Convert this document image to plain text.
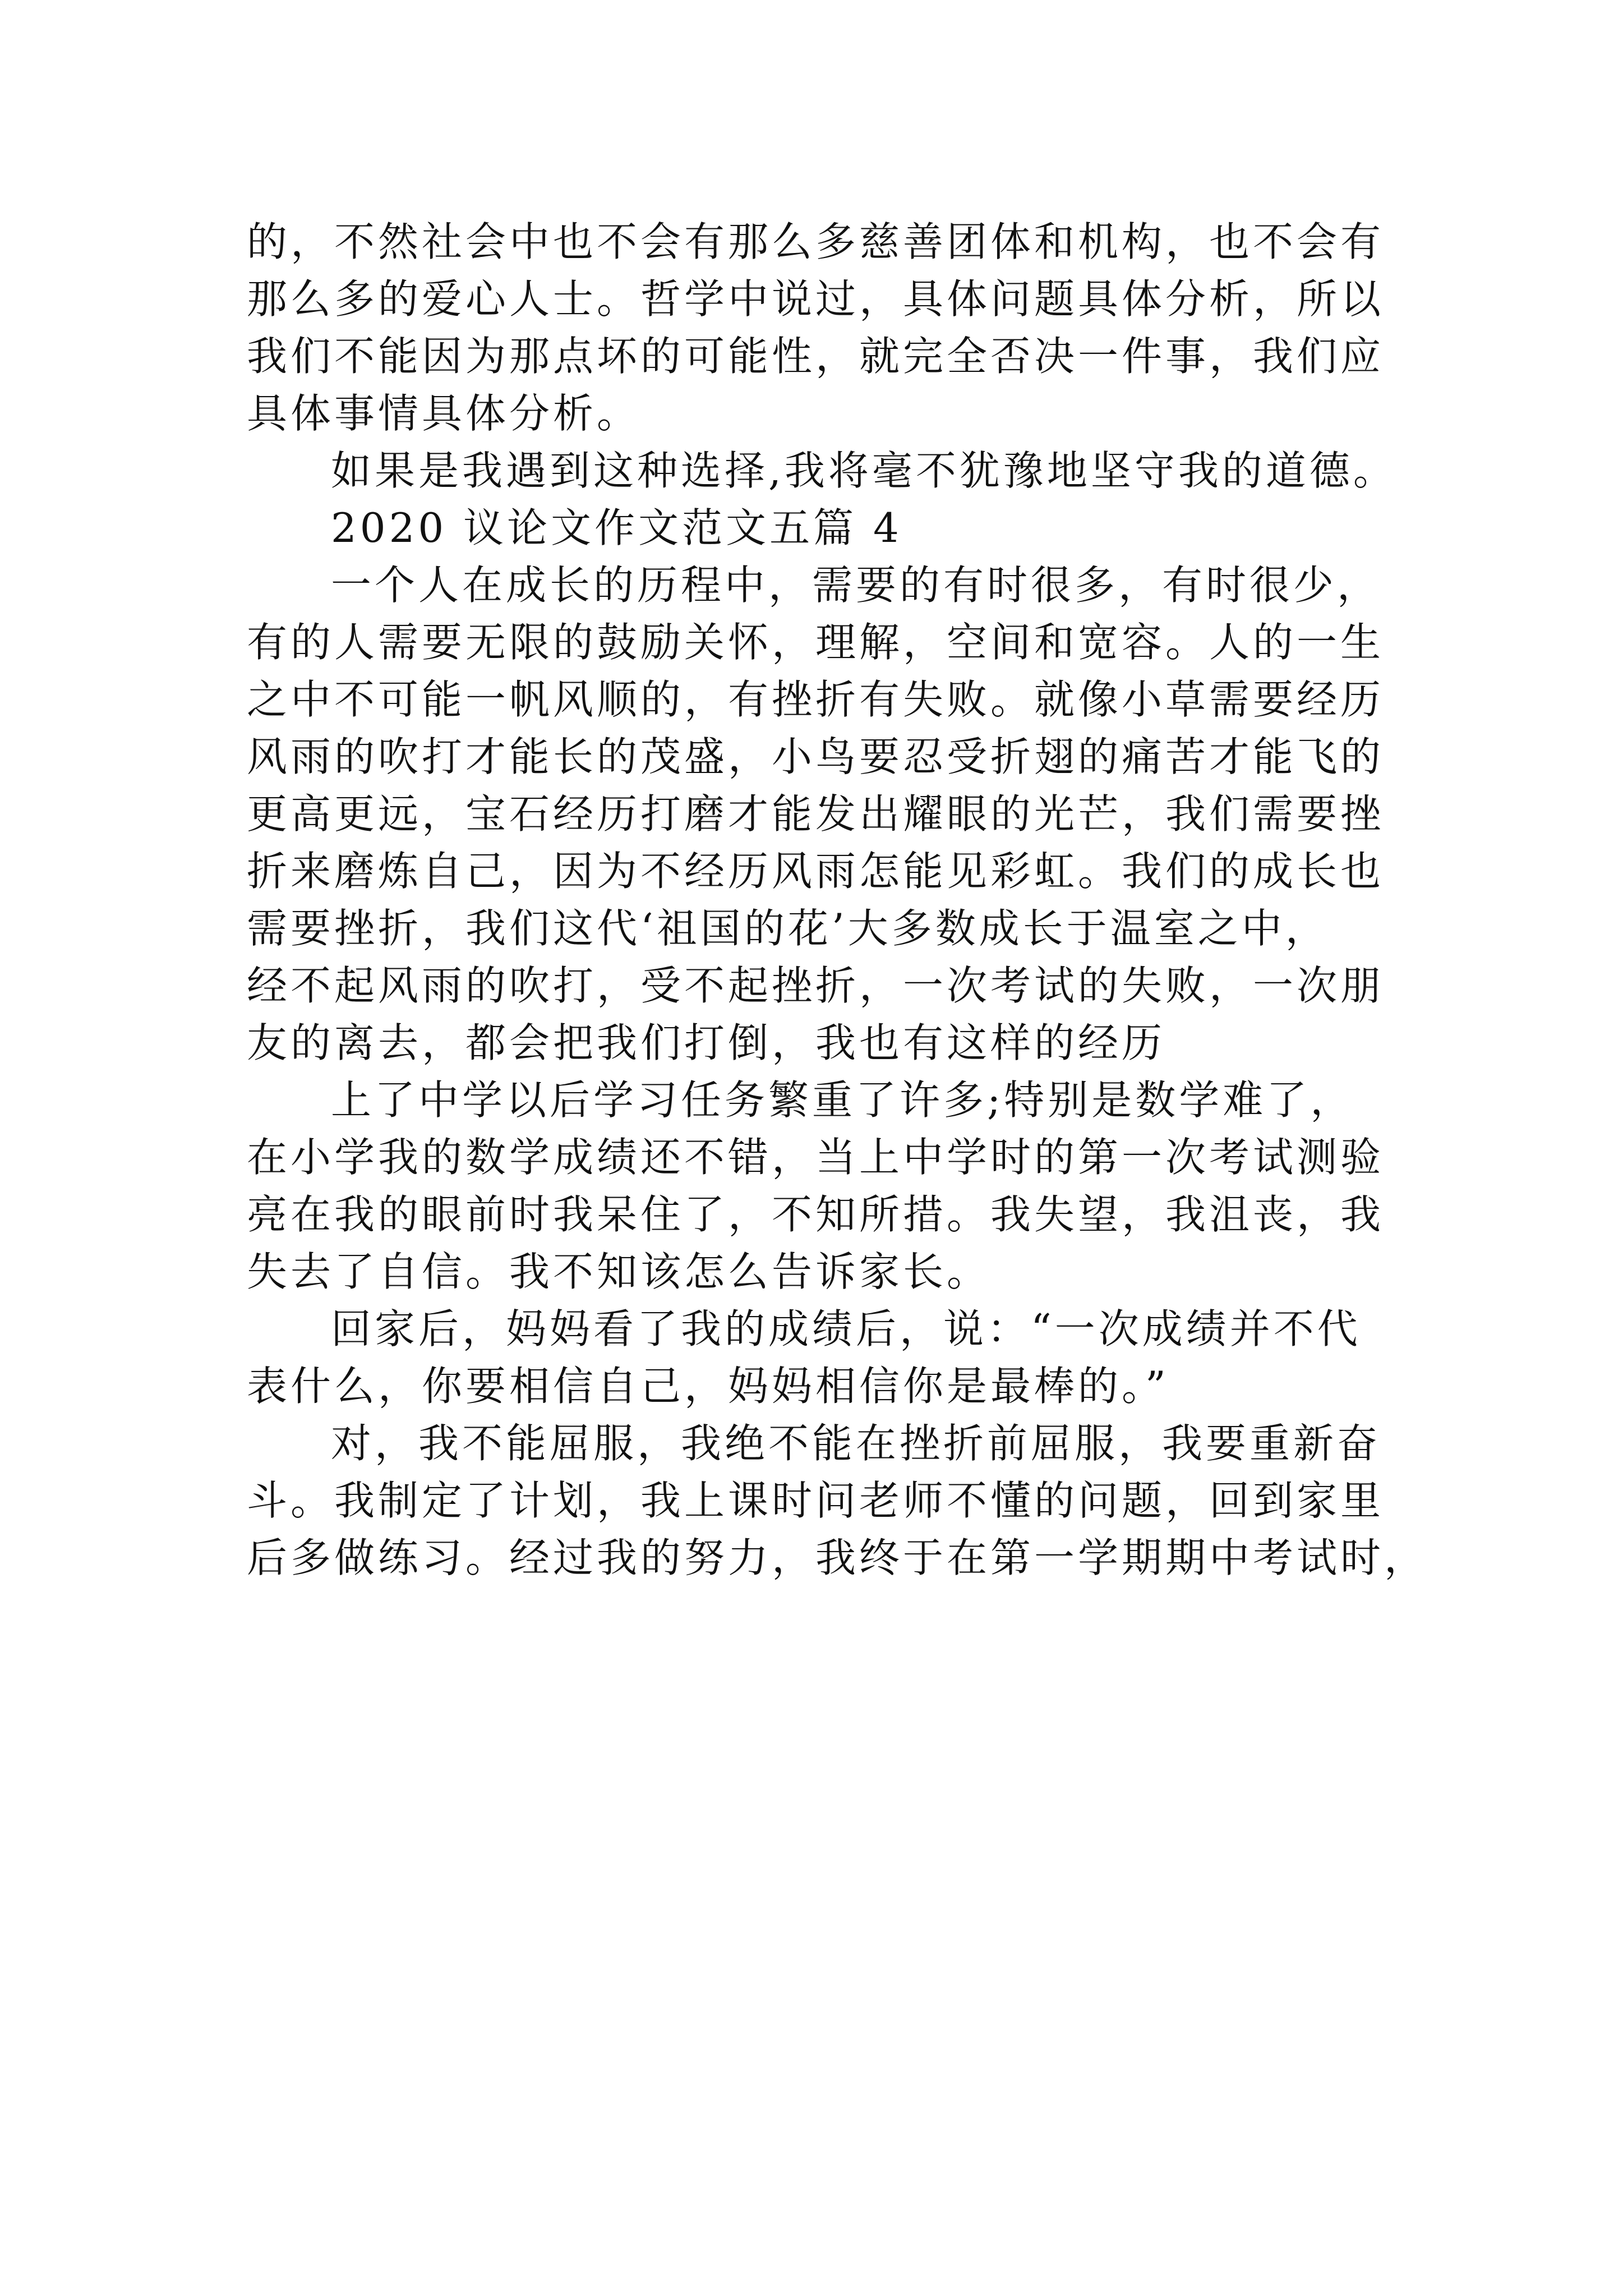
的，不然社会中也不会有那么多慈善团体和机构，也不会有
那么多的爱心人士。哲学中说过，具体问题具体分析，所以
我们不能因为那点坏的可能性，就完全否决一件事，我们应
具体事情具体分析。
如果是我遇到这种选择,我将毫不犹豫地坚守我的道德。
2020 议论文作文范文五篇 4
一个人在成长的历程中，需要的有时很多，有时很少，
有的人需要无限的鼓励关怀，理解，空间和宽容。人的一生
之中不可能一帆风顺的，有挫折有失败。就像小草需要经历
风雨的吹打才能长的茂盛，小鸟要忍受折翅的痛苦才能飞的
更高更远，宝石经历打磨才能发出耀眼的光芒，我们需要挫
折来磨炼自己，因为不经历风雨怎能见彩虹。我们的成长也
需要挫折，我们这代‘祖国的花’大多数成长于温室之中，
经不起风雨的吹打，受不起挫折，一次考试的失败，一次朋
友的离去，都会把我们打倒，我也有这样的经历
上了中学以后学习任务繁重了许多;特别是数学难了，
在小学我的数学成绩还不错，当上中学时的第一次考试测验
亮在我的眼前时我呆住了，不知所措。我失望，我沮丧，我
失去了自信。我不知该怎么告诉家长。
回家后，妈妈看了我的成绩后，说：“一次成绩并不代
表什么，你要相信自己，妈妈相信你是最棒的。”
对，我不能屈服，我绝不能在挫折前屈服，我要重新奋
斗。我制定了计划，我上课时问老师不懂的问题，回到家里
后多做练习。经过我的努力，我终于在第一学期期中考试时，
